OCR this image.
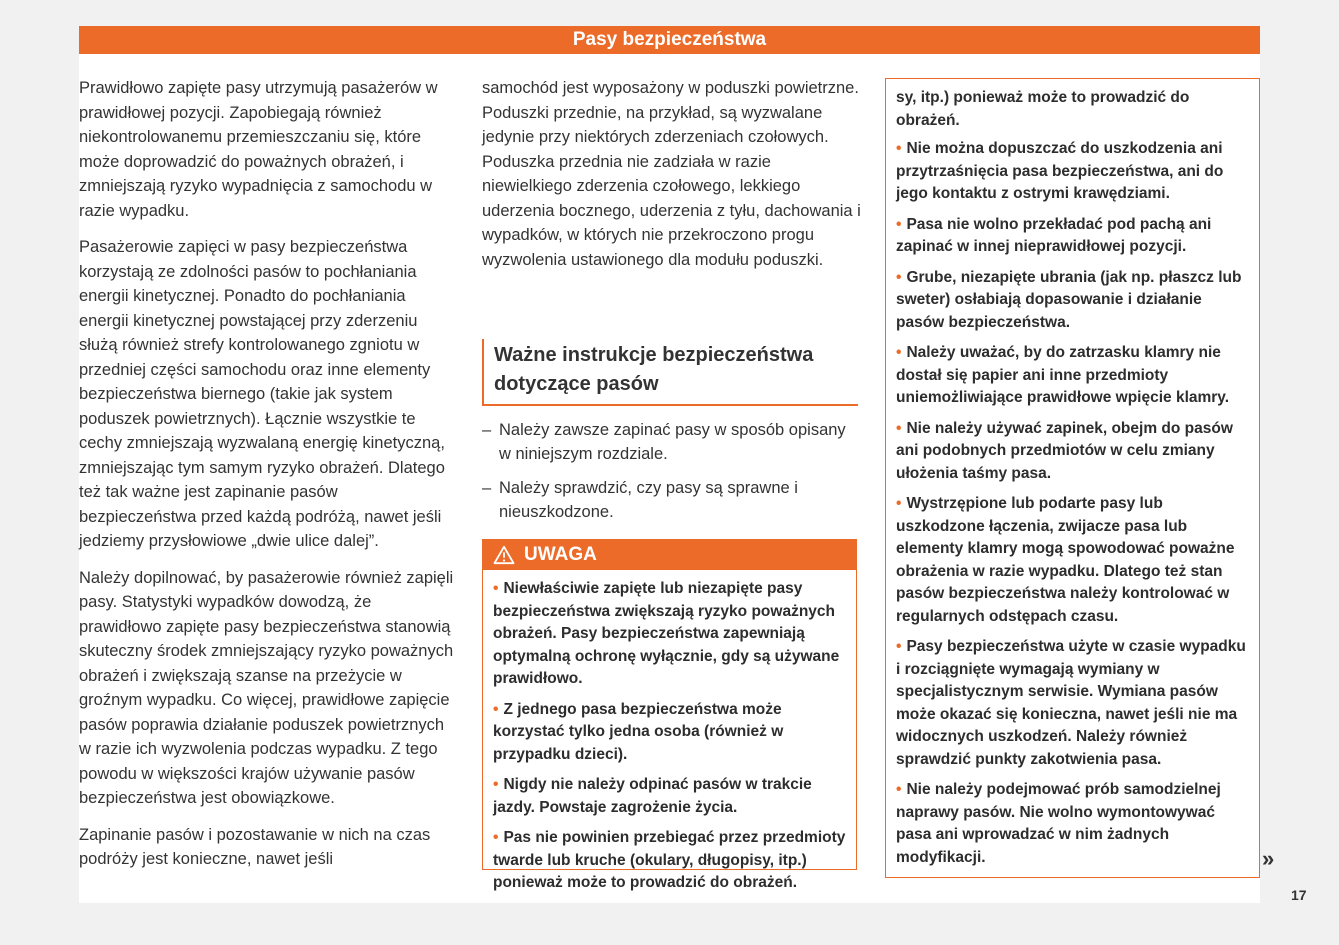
Pasy bezpieczeństwa

Prawidłowo zapięte pasy utrzymują pasażerów w prawidłowej pozycji. Zapobiegają również niekontrolowanemu przemieszczaniu się, które może doprowadzić do poważnych obrażeń, i zmniejszają ryzyko wypadnięcia z samochodu w razie wypadku.

Pasażerowie zapięci w pasy bezpieczeństwa korzystają ze zdolności pasów to pochłaniania energii kinetycznej. Ponadto do pochłaniania energii kinetycznej powstającej przy zderzeniu służą również strefy kontrolowanego zgniotu w przedniej części samochodu oraz inne elementy bezpieczeństwa biernego (takie jak system poduszek powietrznych). Łącznie wszystkie te cechy zmniejszają wyzwalaną energię kinetyczną, zmniejszając tym samym ryzyko obrażeń. Dlatego też tak ważne jest zapinanie pasów bezpieczeństwa przed każdą podróżą, nawet jeśli jedziemy przysłowiowe „dwie ulice dalej”.

Należy dopilnować, by pasażerowie również zapięli pasy. Statystyki wypadków dowodzą, że prawidłowo zapięte pasy bezpieczeństwa stanowią skuteczny środek zmniejszający ryzyko poważnych obrażeń i zwiększają szanse na przeżycie w groźnym wypadku. Co więcej, prawidłowe zapięcie pasów poprawia działanie poduszek powietrznych w razie ich wyzwolenia podczas wypadku. Z tego powodu w większości krajów używanie pasów bezpieczeństwa jest obowiązkowe.

Zapinanie pasów i pozostawanie w nich na czas podróży jest konieczne, nawet jeśli

samochód jest wyposażony w poduszki powietrzne. Poduszki przednie, na przykład, są wyzwalane jedynie przy niektórych zderzeniach czołowych. Poduszka przednia nie zadziała w razie niewielkiego zderzenia czołowego, lekkiego uderzenia bocznego, uderzenia z tyłu, dachowania i wypadków, w których nie przekroczono progu wyzwolenia ustawionego dla modułu poduszki.

Ważne instrukcje bezpieczeństwa dotyczące pasów
– Należy zawsze zapinać pasy w sposób opisany w niniejszym rozdziale.
– Należy sprawdzić, czy pasy są sprawne i nieuszkodzone.
UWAGA
• Niewłaściwie zapięte lub niezapięte pasy bezpieczeństwa zwiększają ryzyko poważnych obrażeń. Pasy bezpieczeństwa zapewniają optymalną ochronę wyłącznie, gdy są używane prawidłowo.
• Z jednego pasa bezpieczeństwa może korzystać tylko jedna osoba (również w przypadku dzieci).
• Nigdy nie należy odpinać pasów w trakcie jazdy. Powstaje zagrożenie życia.
• Pas nie powinien przebiegać przez przedmioty twarde lub kruche (okulary, długopisy, itp.) ponieważ może to prowadzić do obrażeń.

sy, itp.) ponieważ może to prowadzić do obrażeń.

• Nie można dopuszczać do uszkodzenia ani przytrzaśnięcia pasa bezpieczeństwa, ani do jego kontaktu z ostrymi krawędziami.
• Pasa nie wolno przekładać pod pachą ani zapinać w innej nieprawidłowej pozycji.
• Grube, niezapięte ubrania (jak np. płaszcz lub sweter) osłabiają dopasowanie i działanie pasów bezpieczeństwa.
• Należy uważać, by do zatrzasku klamry nie dostał się papier ani inne przedmioty uniemożliwiające prawidłowe wpięcie klamry.
• Nie należy używać zapinek, obejm do pasów ani podobnych przedmiotów w celu zmiany ułożenia taśmy pasa.
• Wystrzępione lub podarte pasy lub uszkodzone łączenia, zwijacze pasa lub elementy klamry mogą spowodować poważne obrażenia w razie wypadku. Dlatego też stan pasów bezpieczeństwa należy kontrolować w regularnych odstępach czasu.
• Pasy bezpieczeństwa użyte w czasie wypadku i rozciągnięte wymagają wymiany w specjalistycznym serwisie. Wymiana pasów może okazać się konieczna, nawet jeśli nie ma widocznych uszkodzeń. Należy również sprawdzić punkty zakotwienia pasa.
• Nie należy podejmować prób samodzielnej naprawy pasów. Nie wolno wymontowywać pasa ani wprowadzać w nim żadnych modyfikacji.	»
17
